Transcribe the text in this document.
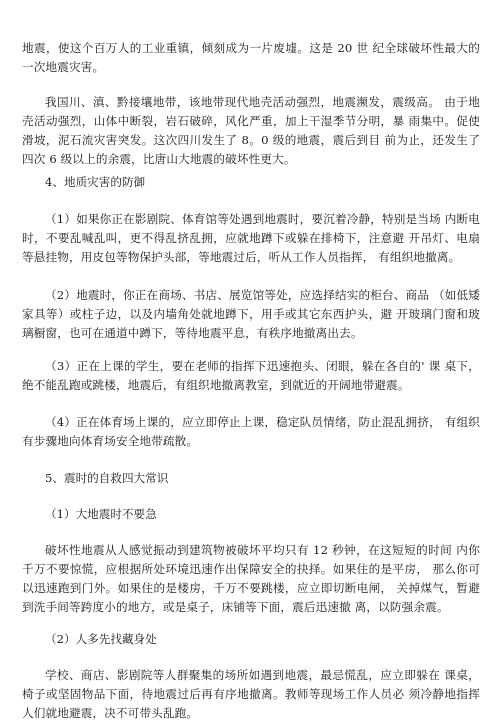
地震，使这个百万人的工业重镇，倾刻成为一片废墟。这是 20 世 纪全球破坏性最大的一次地震灾害。

我国川、滇、黔接壤地带，该地带现代地壳活动强烈，地震濒发，震级高。 由于地壳活动强烈，山体中断裂，岩石破碎，风化严重，加上干湿季节分明，暴 雨集中。促使滑坡，泥石流灾害突发。这次四川发生了 8。0 级的地震，震后到目 前为止，还发生了四次 6 级以上的余震，比唐山大地震的破坏性更大。

4、地质灾害的防御

（1）如果你正在影剧院、体育馆等处遇到地震时，要沉着冷静，特别是当场 内断电时，不要乱喊乱叫，更不得乱挤乱拥，应就地蹲下或躲在排椅下，注意避 开吊灯、电扇等悬挂物，用皮包等物保护头部，等地震过后，听从工作人员指挥， 有组织地撤离。

（2）地震时，你正在商场、书店、展览馆等处，应选择结实的柜台、商品 （如低矮家具等）或柱子边，以及内墙角处就地蹲下，用手或其它东西护头，避 开玻璃门窗和玻璃橱窗，也可在通道中蹲下，等待地震平息，有秩序地撤离出去。

（3）正在上课的学生，要在老师的指挥下迅速抱头、闭眼，躲在各自的' 课 桌下，绝不能乱跑或跳楼，地震后，有组织地撤离教室，到就近的开阔地带避震。

（4）正在体育场上课的，应立即停止上课，稳定队员情绪，防止混乱拥挤， 有组织有步骤地向体育场安全地带疏散。

5、震时的自救四大常识

（1）大地震时不要急

破坏性地震从人感觉振动到建筑物被破坏平均只有 12 秒钟，在这短短的时间 内你千万不要惊慌，应根据所处环境迅速作出保障安全的抉择。如果住的是平房， 那么你可以迅速跑到门外。如果住的是楼房，千万不要跳楼，应立即切断电闸， 关掉煤气，暂避到洗手间等跨度小的地方，或是桌子，床铺等下面，震后迅速撤 离，以防强余震。

（2）人多先找藏身处

学校、商店、影剧院等人群聚集的场所如遇到地震，最忌慌乱，应立即躲在 课桌，椅子或坚固物品下面，待地震过后再有序地撤离。教师等现场工作人员必 须冷静地指挥人们就地避震，决不可带头乱跑。
